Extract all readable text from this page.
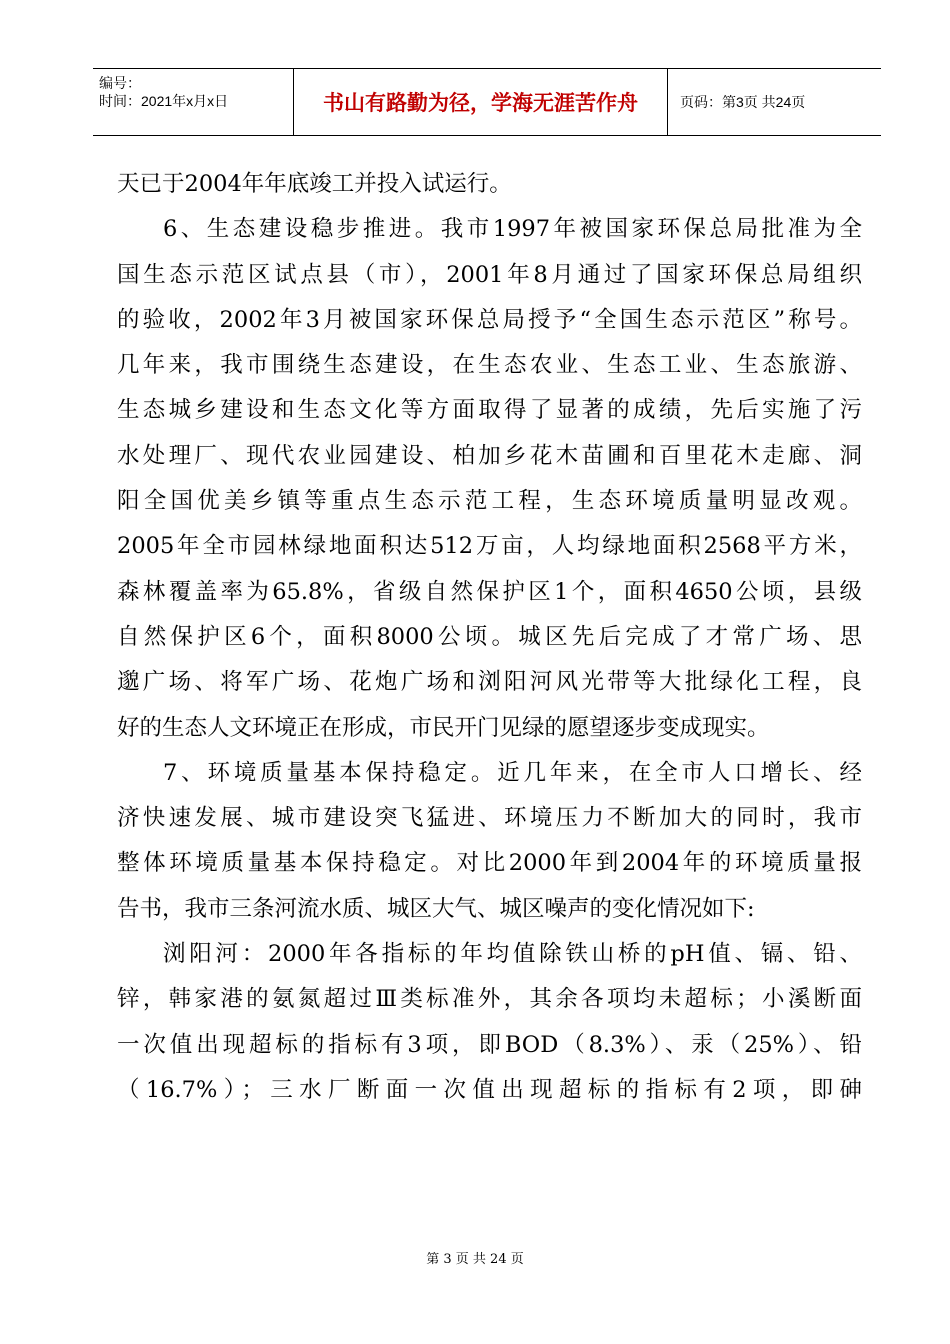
编号：
时间：2021年x月x日	书山有路勤为径，学海无涯苦作舟	页码：第3页 共24页
天已于2004年年底竣工并投入试运行。
6、生态建设稳步推进。我市1997年被国家环保总局批准为全
国生态示范区试点县（市），2001年8月通过了国家环保总局组织
的验收，2002年3月被国家环保总局授予“全国生态示范区”称号。
几年来，我市围绕生态建设，在生态农业、生态工业、生态旅游、
生态城乡建设和生态文化等方面取得了显著的成绩，先后实施了污
水处理厂、现代农业园建设、柏加乡花木苗圃和百里花木走廊、洞
阳全国优美乡镇等重点生态示范工程，生态环境质量明显改观。
2005年全市园林绿地面积达512万亩，人均绿地面积2568平方米，
森林覆盖率为65.8%，省级自然保护区1个，面积4650公顷，县级
自然保护区6个，面积8000公顷。城区先后完成了才常广场、思
邈广场、将军广场、花炮广场和浏阳河风光带等大批绿化工程，良
好的生态人文环境正在形成，市民开门见绿的愿望逐步变成现实。
7、环境质量基本保持稳定。近几年来，在全市人口增长、经
济快速发展、城市建设突飞猛进、环境压力不断加大的同时，我市
整体环境质量基本保持稳定。对比2000年到2004年的环境质量报
告书，我市三条河流水质、城区大气、城区噪声的变化情况如下:
浏阳河：2000年各指标的年均值除铁山桥的pH值、镉、铅、
锌，韩家港的氨氮超过Ⅲ类标准外，其余各项均未超标；小溪断面
一次值出现超标的指标有3项，即BOD（8.3%）、汞（25%）、铅
（16.7%）；三水厂断面一次值出现超标的指标有2项，即砷
第 3 页 共 24 页
